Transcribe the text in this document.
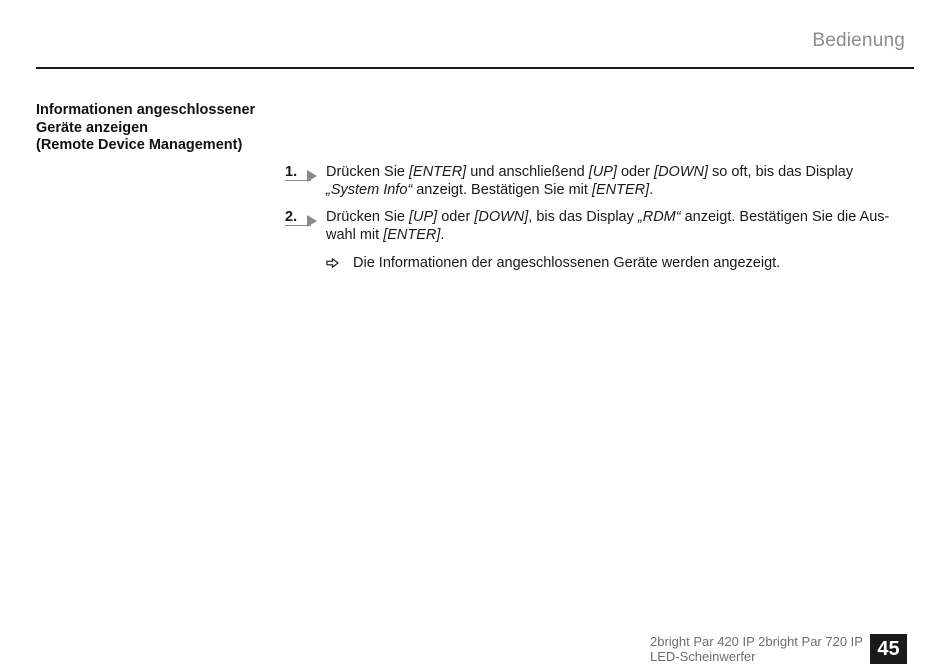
Bedienung
Informationen angeschlossener
Geräte anzeigen
(Remote Device Management)
1.	Drücken Sie [ENTER] und anschließend [UP] oder [DOWN] so oft, bis das Display „System Info“ anzeigt. Bestätigen Sie mit [ENTER].
2.	Drücken Sie [UP] oder [DOWN], bis das Display „RDM“ anzeigt. Bestätigen Sie die Aus-wahl mit [ENTER].
Die Informationen der angeschlossenen Geräte werden angezeigt.
2bright Par 420 IP 2bright Par 720 IP
LED-Scheinwerfer	45
